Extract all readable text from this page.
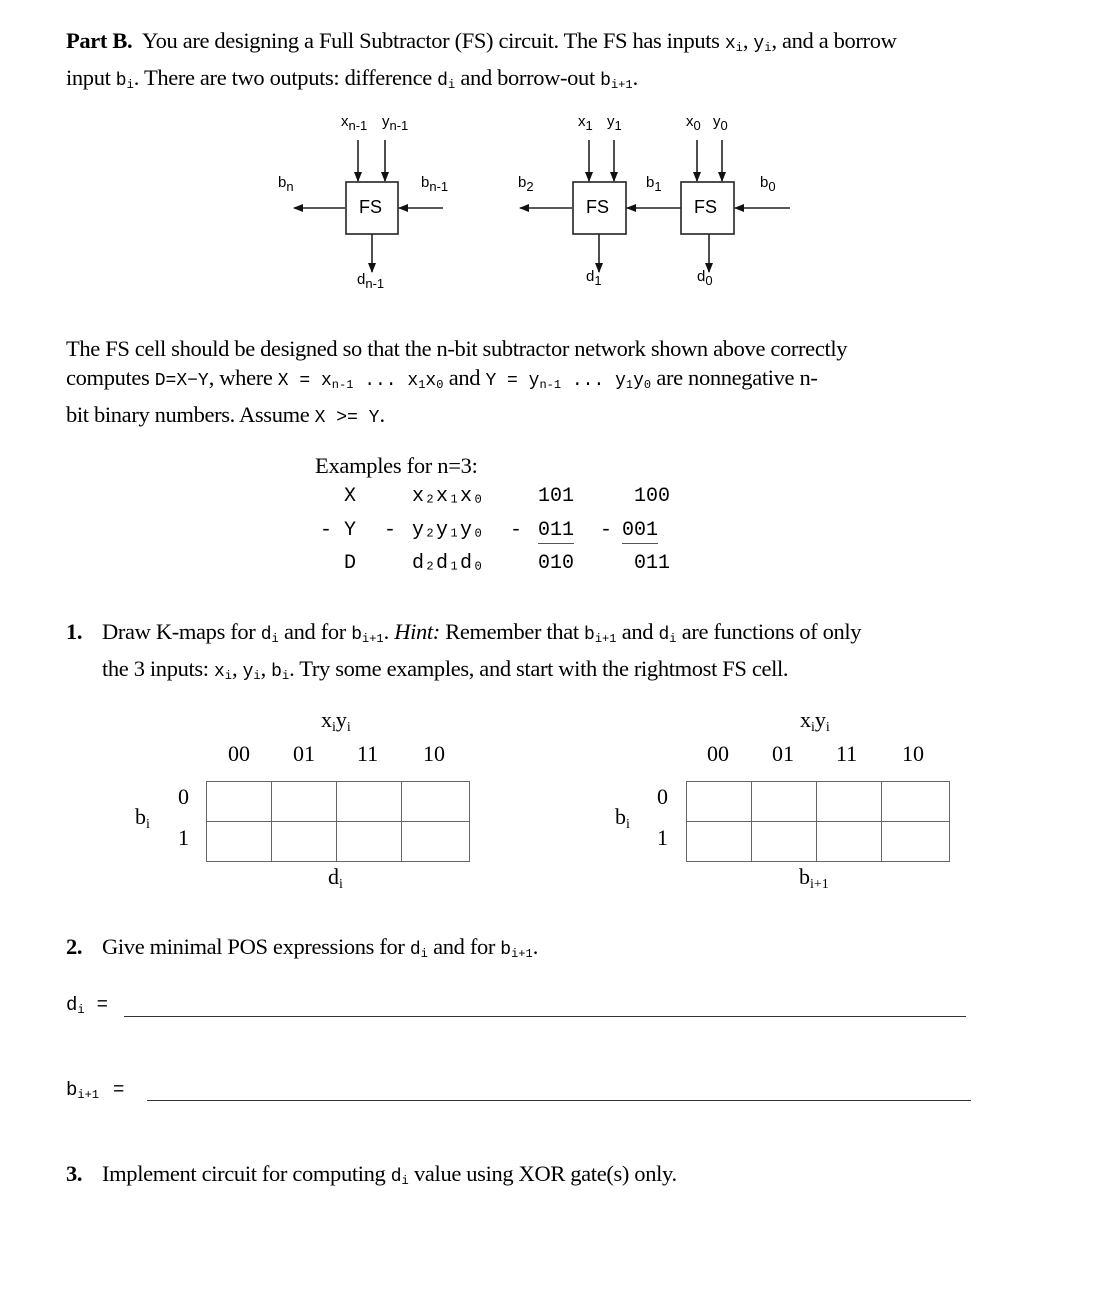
Part B. You are designing a Full Subtractor (FS) circuit. The FS has inputs $x_i$, $y_i$, and a borrow
input $b_i$. There are two outputs: difference $d_i$ and borrow-out $b_{i+1}$.
FS
xn-1 yn-1
bn	bn-1
dn-1
FS
x1 y1
b2	b1
d1
FS
x0 y0
b0
d0
The FS cell should be designed so that the n-bit subtractor network shown above correctly
computes D=X−Y, where $X = x_{n-1}$ ... $x_1x_0$ and $Y = y_{n-1}$ ... $y_1y_0$ are nonnegative n-
bit binary numbers. Assume X >= Y.
Examples for n=3:
X	x₂x₁x₀	101	100
- Y - y₂y₁y₀ - 011 - 001
D	d₂d₁d₀	010	011
1. Draw K-maps for $d_i$ and for $b_{i+1}$. Hint: Remember that $b_{i+1}$ and $d_i$ are functions of only
the 3 inputs: $x_i$, $y_i$, $b_i$. Try some examples, and start with the rightmost FS cell.
xiyi
00 01 11 10
bi
0
1

di
xiyi
00 01 11 10
bi
0
1

bi+1
2. Give minimal POS expressions for $d_i$ and for $b_{i+1}$.
$d_i$ =
$b_{i+1}$ =
3. Implement circuit for computing $d_i$ value using XOR gate(s) only.
